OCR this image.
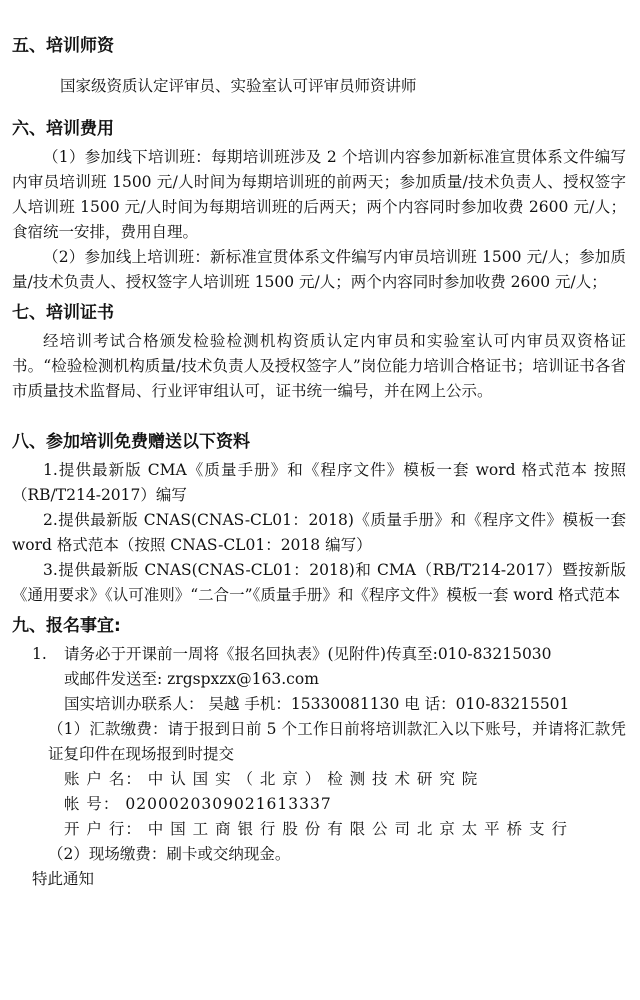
五、培训师资

国家级资质认定评审员、实验室认可评审员师资讲师

六、培训费用

（1）参加线下培训班：每期培训班涉及 2 个培训内容参加新标准宣贯体系文件编写内审员培训班 1500 元/人时间为每期培训班的前两天；参加质量/技术负责人、授权签字人培训班 1500 元/人时间为每期培训班的后两天；两个内容同时参加收费 2600 元/人；食宿统一安排，费用自理。

（2）参加线上培训班：新标准宣贯体系文件编写内审员培训班 1500 元/人；参加质量/技术负责人、授权签字人培训班 1500 元/人；两个内容同时参加收费 2600 元/人；

七、培训证书

经培训考试合格颁发检验检测机构资质认定内审员和实验室认可内审员双资格证书。“检验检测机构质量/技术负责人及授权签字人”岗位能力培训合格证书；培训证书各省市质量技术监督局、行业评审组认可，证书统一编号，并在网上公示。

八、参加培训免费赠送以下资料

1.提供最新版 CMA《质量手册》和《程序文件》模板一套 word 格式范本 按照（RB/T214-2017）编写

2.提供最新版 CNAS(CNAS-CL01：2018)《质量手册》和《程序文件》模板一套 word 格式范本（按照 CNAS-CL01：2018 编写）

3.提供最新版 CNAS(CNAS-CL01：2018)和 CMA（RB/T214-2017）暨按新版《通用要求》《认可准则》“二合一”《质量手册》和《程序文件》模板一套 word 格式范本

九、报名事宜:

1. 请务必于开课前一周将《报名回执表》(见附件)传真至:010-83215030

或邮件发送至: zrgspxzx@163.com

国实培训办联系人： 吴越 手机：15330081130 电 话：010-83215501

（1）汇款缴费：请于报到日前 5 个工作日前将培训款汇入以下账号，并请将汇款凭证复印件在现场报到时提交

账 户 名： 中 认 国 实 （ 北 京 ） 检 测 技 术 研 究 院

帐 号： 0200020309021613337

开 户 行： 中 国 工 商 银 行 股 份 有 限 公 司 北 京 太 平 桥 支 行

（2）现场缴费：刷卡或交纳现金。

特此通知
